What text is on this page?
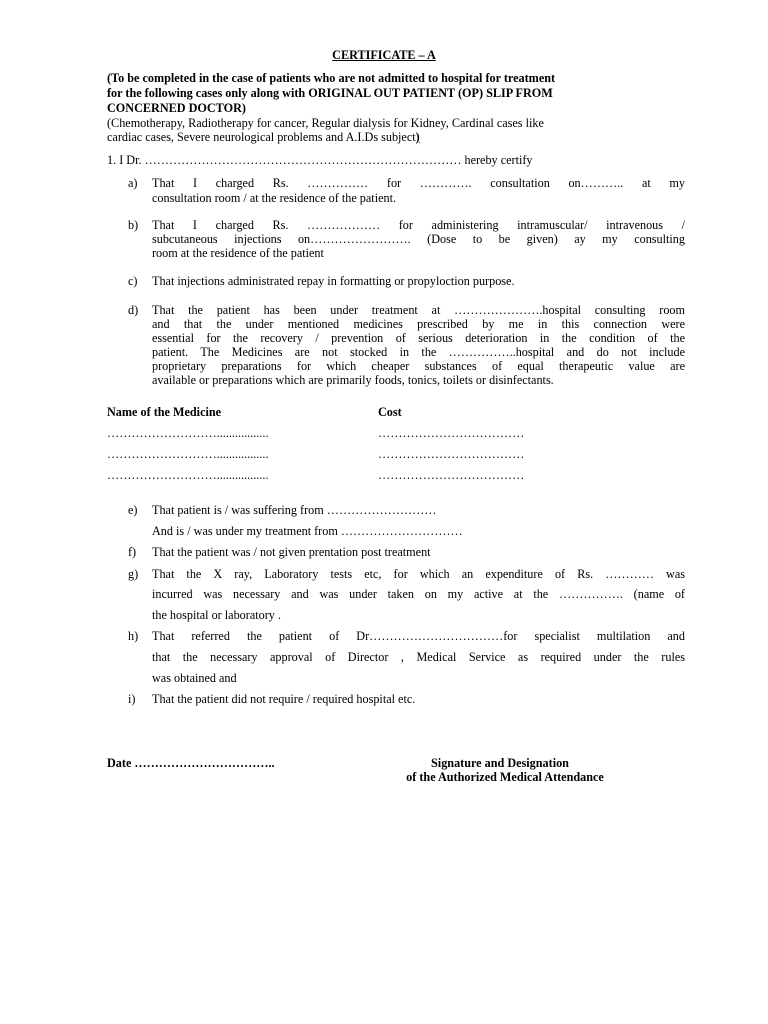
CERTIFICATE – A
(To be completed in the case of patients who are not admitted to hospital for treatment
for the following cases only along with ORIGINAL OUT PATIENT (OP) SLIP FROM
CONCERNED DOCTOR)
(Chemotherapy, Radiotherapy for cancer, Regular dialysis for Kidney, Cardinal cases like
cardiac cases, Severe neurological problems and A.I.Ds subject)
1. I Dr. …………………………………………………………………… hereby certify
a) That I charged Rs. …………… for …………. consultation on……….. at my
consultation room / at the residence of the patient.
b) That I charged Rs. ……………… for administering intramuscular/ intravenous /
subcutaneous injections on……………………. (Dose to be given) ay my consulting
room at the residence of the patient
c) That injections administrated repay in formatting or propyloction purpose.
d) That the patient has been under treatment at ………………….hospital consulting room
and that the under mentioned medicines prescribed by me in this connection were
essential for the recovery / prevention of serious deterioration in the condition of the
patient. The Medicines are not stocked in the ……………..hospital and do not include
proprietary preparations for which cheaper substances of equal therapeutic value are
available or preparations which are primarily foods, tonics, toilets or disinfectants.
Name of the Medicine	Cost
……………………….................	………………………………
……………………….................	………………………………
……………………….................	………………………………
e) That patient is / was suffering from ………………………
And is / was under my treatment from …………………………
f) That the patient was / not given prentation post treatment
g) That the X ray, Laboratory tests etc, for which an expenditure of Rs. ………… was
incurred was necessary and was under taken on my active at the ……………. (name of
the hospital or laboratory .
h) That referred the patient of Dr……………………………for specialist multilation and
that the necessary approval of Director , Medical Service as required under the rules
was obtained and
i) That the patient did not require / required hospital etc.
Date ……………………………..	Signature and Designation
of the Authorized Medical Attendance
